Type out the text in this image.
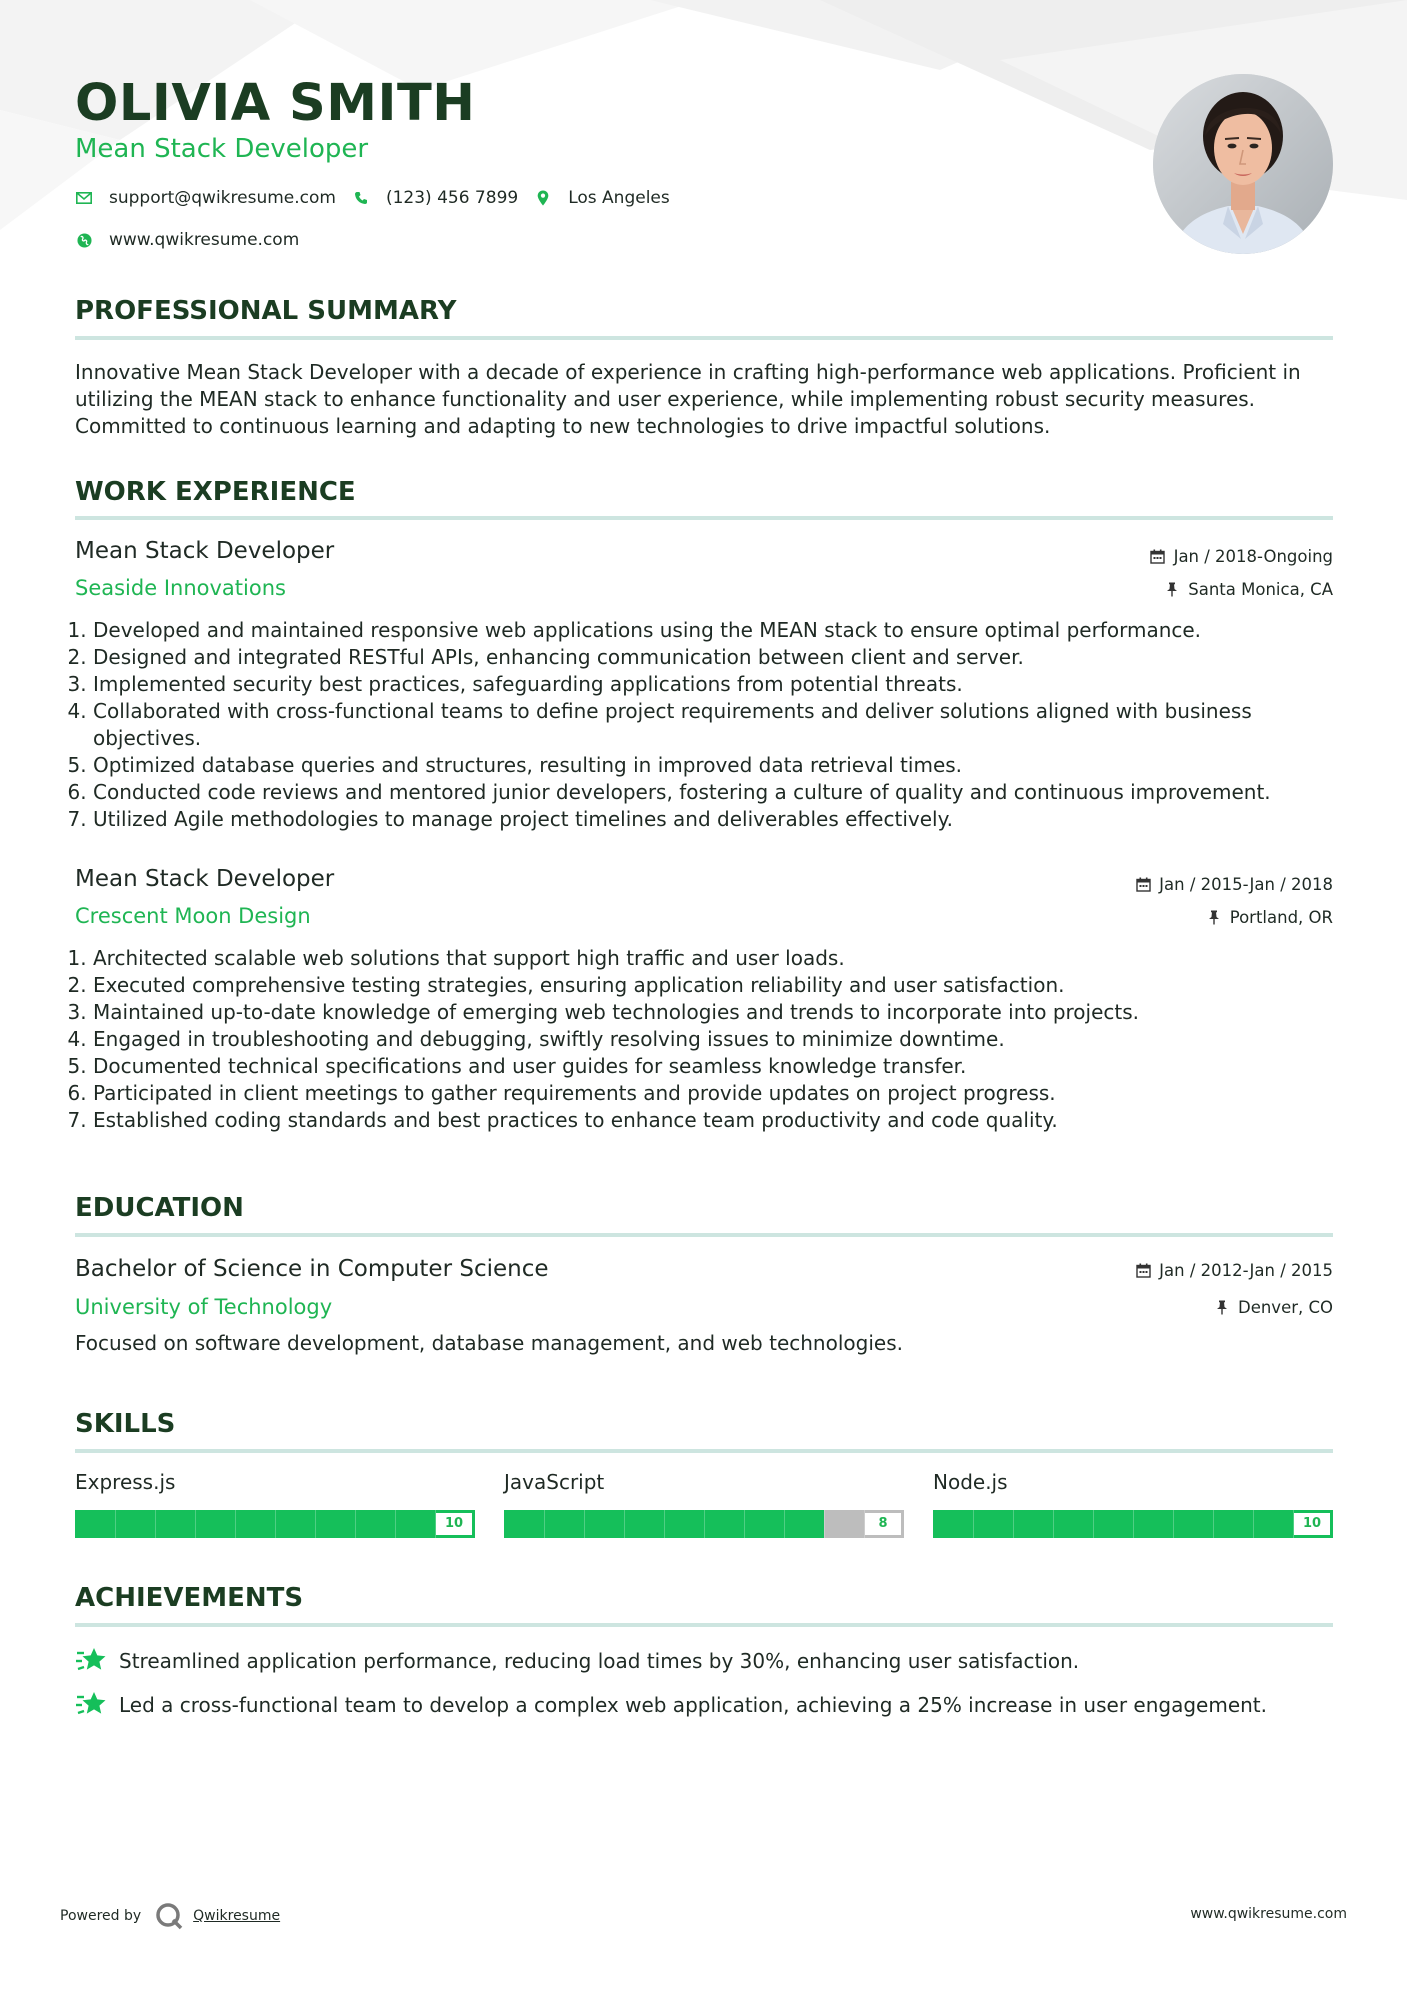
OLIVIA SMITH
Mean Stack Developer
support@qwikresume.com	(123) 456 7899	Los Angeles
www.qwikresume.com
PROFESSIONAL SUMMARY
Innovative Mean Stack Developer with a decade of experience in crafting high-performance web applications. Proficient in utilizing the MEAN stack to enhance functionality and user experience, while implementing robust security measures. Committed to continuous learning and adapting to new technologies to drive impactful solutions.
WORK EXPERIENCE
Mean Stack Developer	Jan / 2018-Ongoing
Seaside Innovations	Santa Monica, CA
1. Developed and maintained responsive web applications using the MEAN stack to ensure optimal performance.
2. Designed and integrated RESTful APIs, enhancing communication between client and server.
3. Implemented security best practices, safeguarding applications from potential threats.
4. Collaborated with cross-functional teams to define project requirements and deliver solutions aligned with business objectives.
5. Optimized database queries and structures, resulting in improved data retrieval times.
6. Conducted code reviews and mentored junior developers, fostering a culture of quality and continuous improvement.
7. Utilized Agile methodologies to manage project timelines and deliverables effectively.
Mean Stack Developer	Jan / 2015-Jan / 2018
Crescent Moon Design	Portland, OR
1. Architected scalable web solutions that support high traffic and user loads.
2. Executed comprehensive testing strategies, ensuring application reliability and user satisfaction.
3. Maintained up-to-date knowledge of emerging web technologies and trends to incorporate into projects.
4. Engaged in troubleshooting and debugging, swiftly resolving issues to minimize downtime.
5. Documented technical specifications and user guides for seamless knowledge transfer.
6. Participated in client meetings to gather requirements and provide updates on project progress.
7. Established coding standards and best practices to enhance team productivity and code quality.
EDUCATION
Bachelor of Science in Computer Science	Jan / 2012-Jan / 2015
University of Technology	Denver, CO
Focused on software development, database management, and web technologies.
SKILLS
Express.js
10
JavaScript
8
Node.js
10
ACHIEVEMENTS
Streamlined application performance, reducing load times by 30%, enhancing user satisfaction.
Led a cross-functional team to develop a complex web application, achieving a 25% increase in user engagement.
Powered by	Qwikresume	www.qwikresume.com
